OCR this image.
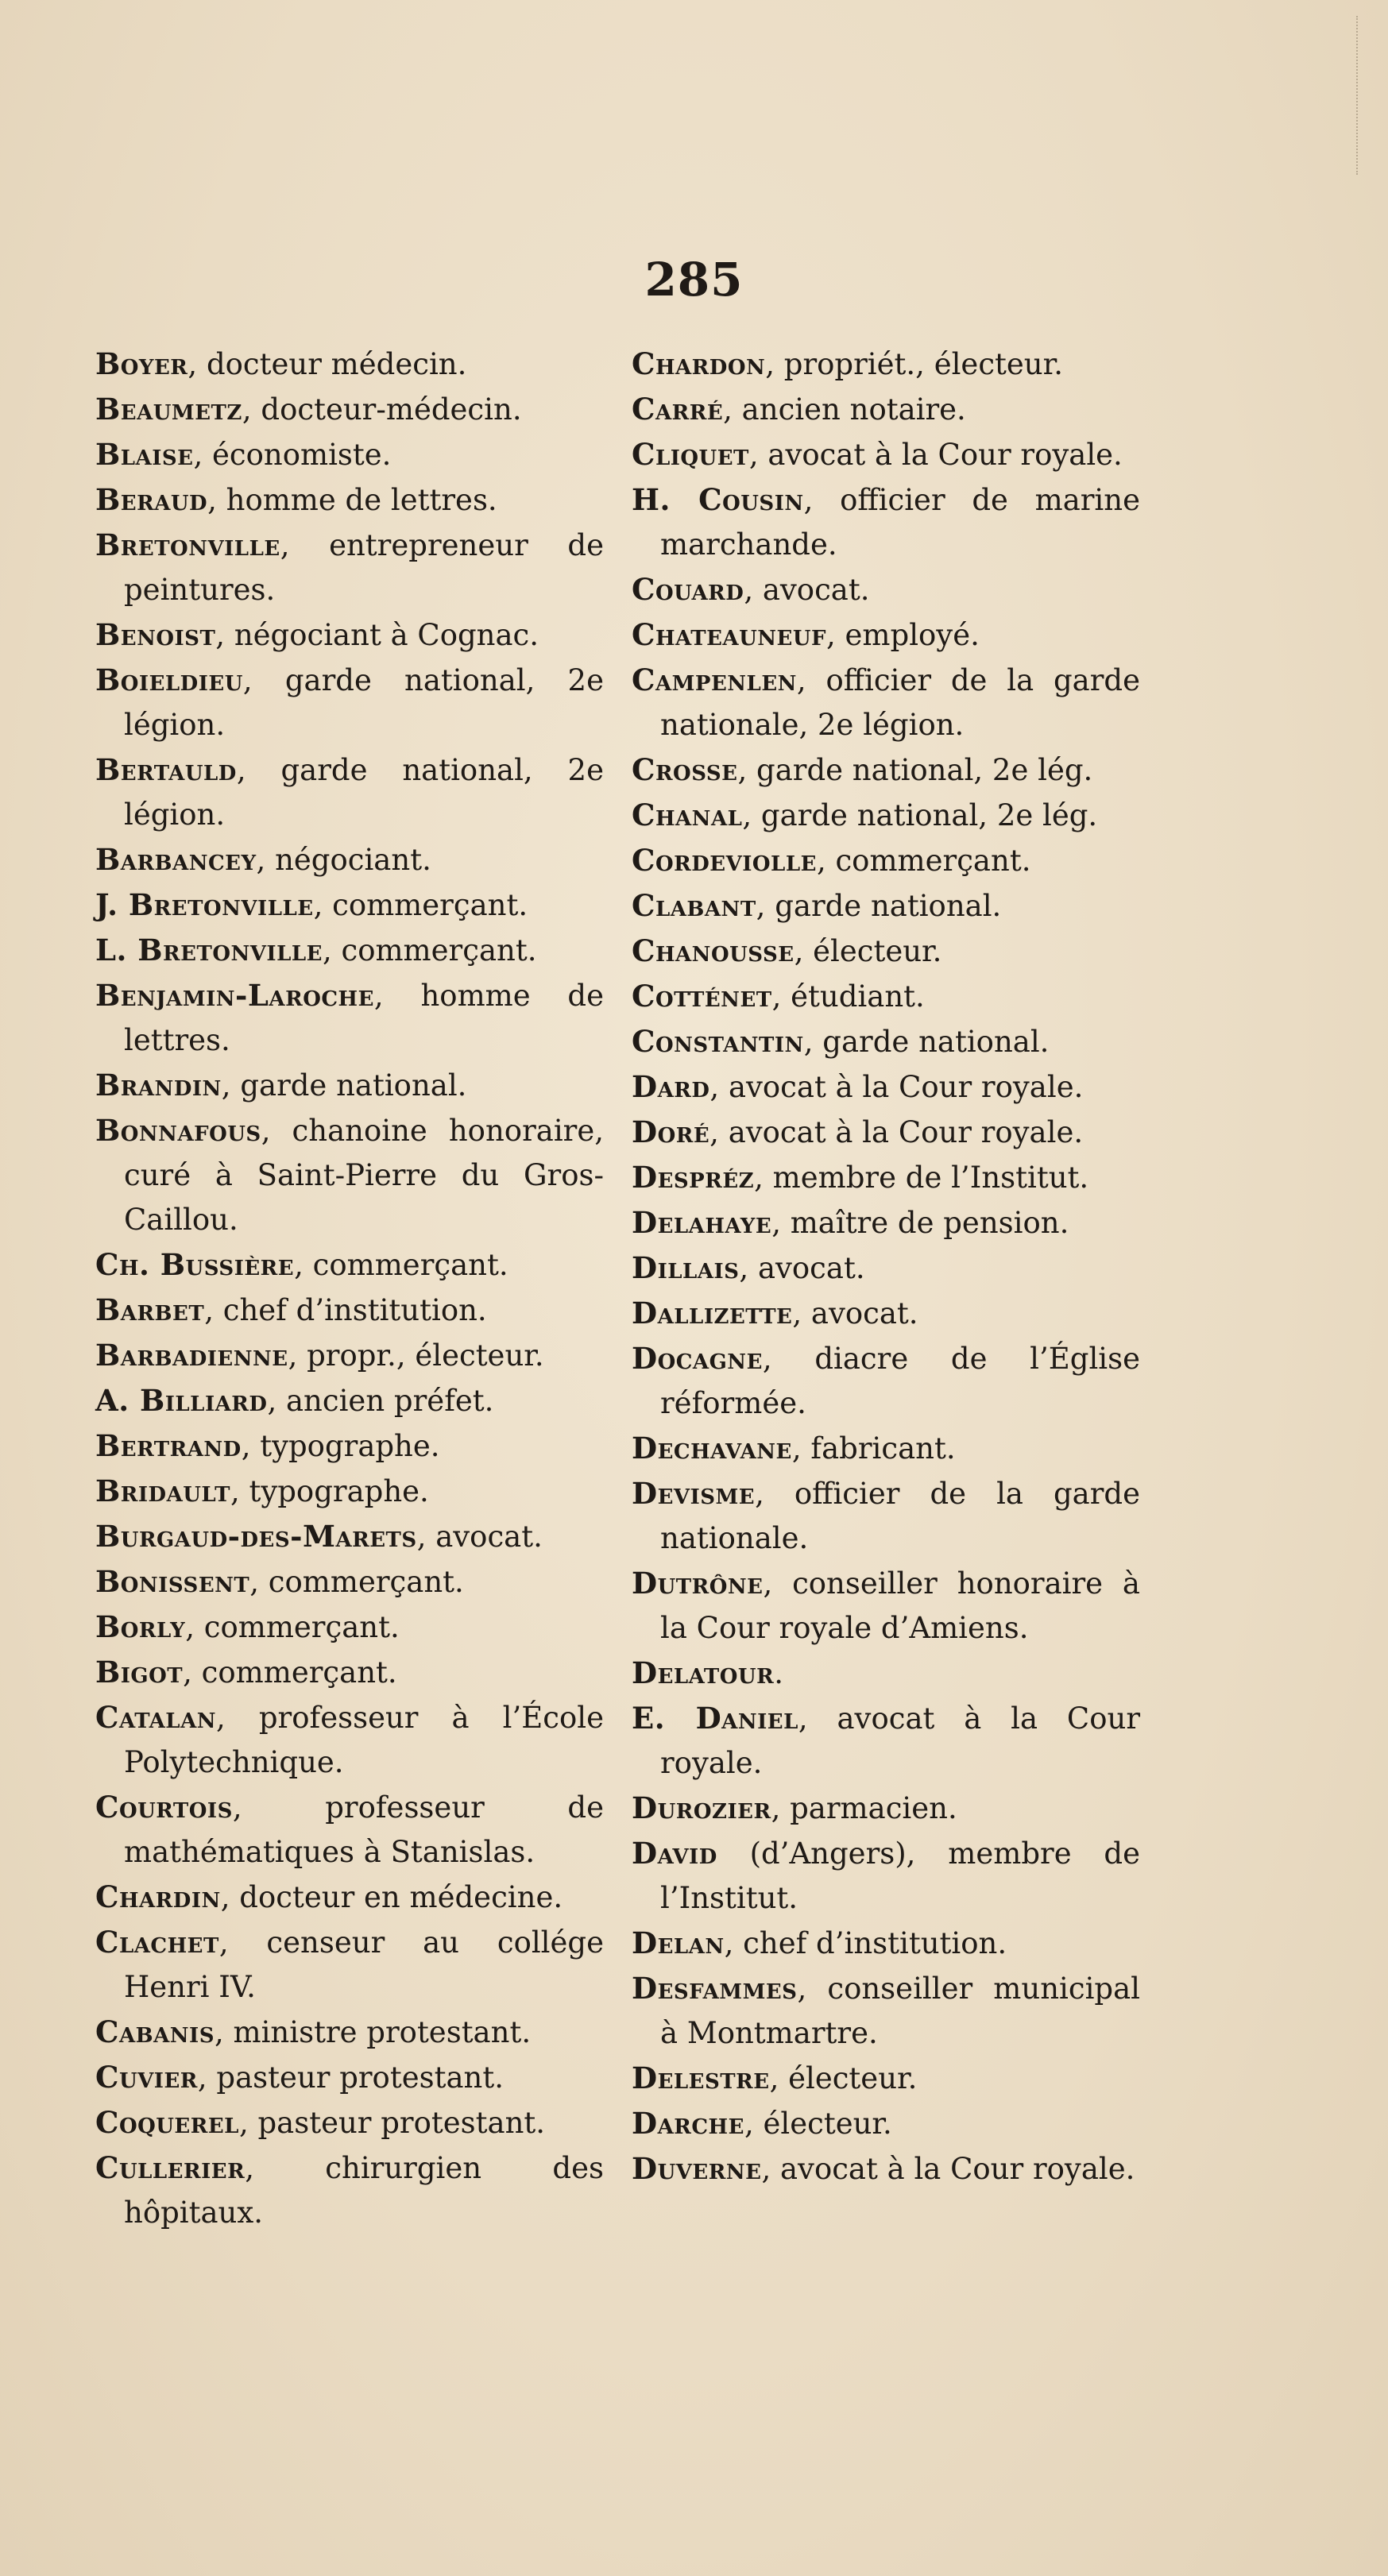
285

Boyer, docteur médecin.

Beaumetz, docteur-médecin.

Blaise, économiste.

Beraud, homme de lettres.

Bretonville, entrepreneur de peintures.

Benoist, négociant à Cognac.

Boieldieu, garde national, 2e légion.

Bertauld, garde national, 2e légion.

Barbancey, négociant.

J. Bretonville, commerçant.

L. Bretonville, commerçant.

Benjamin-Laroche, homme de lettres.

Brandin, garde national.

Bonnafous, chanoine honoraire, curé à Saint-Pierre du Gros-Caillou.

Ch. Bussière, commerçant.

Barbet, chef d’institution.

Barbadienne, propr., électeur.

A. Billiard, ancien préfet.

Bertrand, typographe.

Bridault, typographe.

Burgaud-des-Marets, avocat.

Bonissent, commerçant.

Borly, commerçant.

Bigot, commerçant.

Catalan, professeur à l’École Polytechnique.

Courtois, professeur de mathématiques à Stanislas.

Chardin, docteur en médecine.

Clachet, censeur au collége Henri IV.

Cabanis, ministre protestant.

Cuvier, pasteur protestant.

Coquerel, pasteur protestant.

Cullerier, chirurgien des hôpitaux.

Chardon, propriét., électeur.

Carré, ancien notaire.

Cliquet, avocat à la Cour royale.

H. Cousin, officier de marine marchande.

Couard, avocat.

Chateauneuf, employé.

Campenlen, officier de la garde nationale, 2e légion.

Crosse, garde national, 2e lég.

Chanal, garde national, 2e lég.

Cordeviolle, commerçant.

Clabant, garde national.

Chanousse, électeur.

Cotténet, étudiant.

Constantin, garde national.

Dard, avocat à la Cour royale.

Doré, avocat à la Cour royale.

Despréz, membre de l’Institut.

Delahaye, maître de pension.

Dillais, avocat.

Dallizette, avocat.

Docagne, diacre de l’Église réformée.

Dechavane, fabricant.

Devisme, officier de la garde nationale.

Dutrône, conseiller honoraire à la Cour royale d’Amiens.

Delatour.

E. Daniel, avocat à la Cour royale.

Durozier, parmacien.

David (d’Angers), membre de l’Institut.

Delan, chef d’institution.

Desfammes, conseiller municipal à Montmartre.

Delestre, électeur.

Darche, électeur.

Duverne, avocat à la Cour royale.
